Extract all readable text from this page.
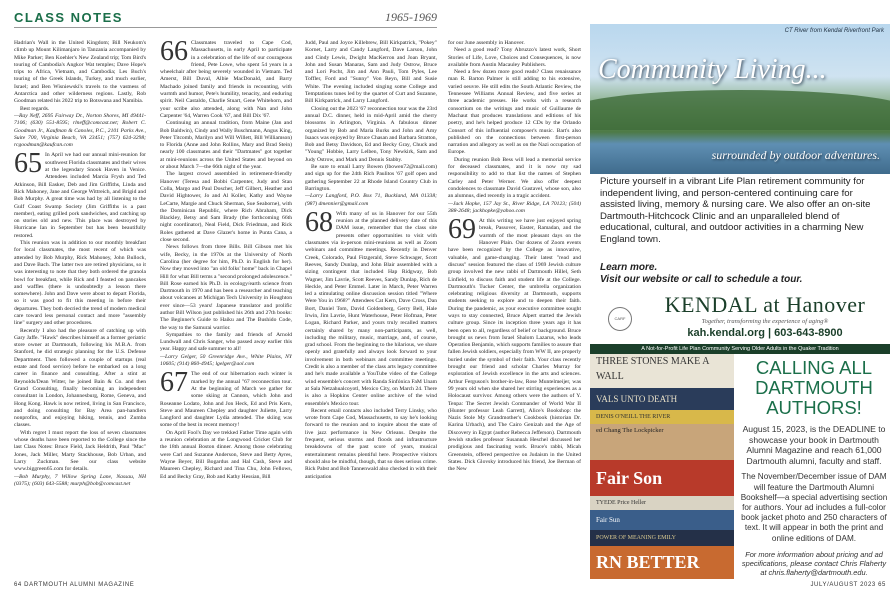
CLASS NOTES	1965-1969

Hadrian's Wall in the United Kingdom; Bill Neukom's climb up Mount Kilimanjaro in Tanzania accompanied by Mike Parker; Ben Koehler's New Zealand trip; Tom Bird's touring of Cambodia's Angkor Wat temples; Dave Hope's trips to Africa, Vietnam, and Cambodia; Les Buch's touring of the Greek Islands, Turkey, and much earlier, Israel; and Ben Wisniewski's travels to the vastness of Antarctica and other wilderness regions. Lastly, Rob Goodman related his 2022 trip to Botswana and Namibia.

Best regards.

—Ray Neff, 2695 Fairway Dr., Norton Shores, MI 49441-7106; (630) 551-8595; rlneff@comcast.net; Robert C. Goodman Jr., Kaufman & Canoles, P.C., 2101 Parks Ave., Suite 700, Virginia Beach, VA 23451; (757) 624-3298; rcgoodman@kaufcan.com

65 In April we had our annual mini-reunion for southwest Florida classmates and their wives at the legendary Snook Haven in Venice. Attendees included Marcia Frysh and Ted Atkinson, Bill Easker, Deb and Jim Griffiths, Linda and Rick Mahoney, Jane and George Wittreich, and Brigid and Bob Murphy. A great time was had by all listening to the Gulf Coast Swamp Society (Jim Griffiths is a past member), eating grilled pork sandwiches, and catching up on stories old and new. This place was destroyed by Hurricane Ian in September but has been beautifully restored.

This reunion was in addition to our monthly breakfast for local classmates, the most recent of which was attended by Bob Murphy, Rick Mahoney, John Bullock, and Dave Bach. The latter two are retired physicians, so it was interesting to note that they both ordered the granola bowl for breakfast, while Rick and I feasted on pancakes and waffles (there is undoubtedly a lesson there somewhere). John and Dave were about to depart Florida, so it was good to fit this meeting in before their departures. They both decried the trend of modern medical care toward less personal contact and more "assembly line" surgery and other procedures.

Recently I also had the pleasure of catching up with Gary Jaffe. "Hawk" describes himself as a former geriatric store owner at Dartmouth, following his M.B.A. from Stanford, he did strategic planning for the U.S. Defense Department. Then followed a couple of startups (real estate and food service) before he embarked on a long career in finance and consulting. After a stint at Reynolds/Dean Witter, he joined Bain & Co. and then Grand Consulting, finally becoming an independent consultant in London, Johannesburg, Rome, Geneva, and Hong Kong. Hawk is now retired, living in San Francisco, and doing consulting for Bay Area pan-handlers nonprofits, and enjoying hiking, tennis, and Zumba classes.

With regret I must report the loss of seven classmates whose deaths have been reported to the College since the last Class Notes: Bruce Field, Jack Heldrith, Paul "Mac" Jones, Jack Miller, Marty Stackhouse, Bob Urban, and Larry Zuckman. See our class website www.biggreen65.com for details.

—Bob Murphy, 7 Willow Spring Lane, Nassau, NH (0375); (603) 643-5588; murph@bob@comcast.net

66 Classmates traveled to Cape Cod, Massachusetts, in early April to participate in a celebration of the life of our courageous friend, Pete Lowe, who spent 54 years in a wheelchair after being severely wounded in Vietnam. Ted Amerst, Bill Duval, Albie MacDonald, and Barry Machado joined family and friends in recounting, with warmth and humor, Pete's humility, tenacity, and enduring spirit. Neil Castaldo, Charlie Stuart, Gene Whitehorn, and your scribe also attended, along with Nan and John Carpenter '64, Warren Cook '67, and Bill Dix '67.

Continuing an annual tradition, from Maine (Jan and Bob Baldwin), Cindy and Wally Buschmann, Angus King, Peter Titcomb, Marilyn and Will Willett, Bill Williamson) to Florida (Anne and John Rollins, Mary and Brad Stein) nearly 100 classmates and their "Dartmates" got together at mini-reunions across the United States and beyond on or about March 7—the 66th night of the year.

The largest crowd assembled in retirement-friendly Hanover (Teresa and Bobbi Carpenter, Judy and Stan Colla, Margo and Paul Doscher, Jeff Gilbert, Heather and David Hightower, Jo and Al Koller, Kathy and Wayne LeCarte, Margie and Chuck Sherman, Sue Seaborne), with the Dominican Republic, where Rich Abraham, Dick Blackley, Betsy and Sam Brady (the forthcoming 66th night coordinator), Neal Field, Dick Friedman, and Rick Roles gathered at Dave Glazer's home in Punta Cana, a close second.

News follows from three Bills. Bill Gibson met his wife, Becky, in the 1970s at the University of North Carolina (her degree for him, Ph.D. in English for her). Now they moved into "an old folks' home" back in Chapel Hill for what Bill terms a "second prolonged adolescence." Bill Rose earned his Ph.D. in ecology/earth science from Dartmouth in 1970 and has been a researcher and teaching about volcanoes at Michigan Tech University in Houghton ever since—53 years! Japanese translator and prolific author Bill Wilson just published his 26th and 27th books: The Beginner's Guide to Haiku and The Bushido Code, the way to the Samurai warrior.

Sympathies to the family and friends of Arnold Lundwall and Chris Sanger, who passed away earlier this year. Happy and safe summer to all!

—Larry Gelger, 50 Greenridge Ave., White Plains, NY 10605; (914) 860-4945; lgelger@aol.com

67 The end of our hibernation each winter is marked by the annual "67 reconnection tour. At the beginning of March we gather for some skiing at Cannon, which John and Roseanne Lodato, John and Jon Heck, Ed and Pris Kern, Steve and Maureen Chepley and daughter Juliette, Larry Langford and daughter Lydia attended. The skiing was some of the best in recent memory!

On April Fool's Day we trekked Father Time again with a reunion celebration at the Longwood Cricket Club for the 18th annual Boston dinner. Among those celebrating were Carl and Suzanne Anderson, Steve and Betty Ayres, Wayne Beyer, Bill Bogardus and Hal Cash, Steve and Maureen Chepley, Richard and Tina Chu, John Fellows, Ed and Becky Gray, Bob and Kathy Hessian, Bill

Judd, Paul and Joyce Killebrew, Bill Kirkpatrick, "Pokey" Kornet, Larry and Candy Langford, Dave Larson, John and Cindy Lewis, Dwight MacKerron and Joan Bryant, John and Susan Manaras, Sam and Judy Ostrow, Bruce and Lori Pocht, Jim and Ann Pauli, Tom Pyles, Lee Toffler, Ford and "Sunny" Von Reyn, Bill and Susie White. The evening included singing some College and Temptations tunes led by the quartet of Curt and Suzanne, Bill Kirkpatrick, and Larry Langford.

Closing out the 2023 '67 reconnection tour was the 23rd annual D.C. dinner, held in mid-April amid the cherry blossoms in Arlington, Virginia. A fabulous dinner organized by Bob and Maria Burks and John and Amy Isaacs was enjoyed by Bruce Chasan and Barbara Stratton, Bob and Betsy Davidson, Ed and Becky Gray, Chuck and "Young" Hobbie, Larry Lelben, Tony Newkirk, Sam and Judy Ostrow, and Mark and Dennis Stabby.

Be sure to email Larry Bowen (lbowen72@mail.com) and sign up for the 24th Rich Paulitos '67 golf open and gathering September 22 at Rhode Island Country Club in Barrington.

—Larry Langford, P.O. Box 71, Buckland, MA 01338; (987) dmennier@gmail.com

68 With many of us in Hanover for our 55th reunion at the planned delivery date of this DAM issue, remember that the class site presents other opportunities to visit with classmates via in-person mini-reunions as well as Zoom webinars and committee meetings. Recently in Denver Creek, Colorado, Paul Fitzgerald, Steve Schwager, Scott Reeves, Sandy Dunlap, and John Blair assembled with a sizing contingent that included Hap Ridgway, Bob Wagner, Jim Lavrie, Scott Reeves, Sandy Dunlap, Rich de Heckle, and Peter Emmel. Later in March, Peter Warren led a stimulating online discussion session titled "Where Were You in 1968?" Attendees Cat Kern, Dave Cross, Dan Bort, Daniel Tom, David Goldenberg, Gerry Bell, Hale Irwin, Jim Lavrie, Hunt Waterhouse, Peter Hofman, Peter Logan, Richard Parker, and yours truly recalled matters certainly shared by many non-participants, as well, including the military, music, marriage, and, of course, grad school. From the beginning to the hilarious, we share openly and gratefully and always look forward to your involvement in both webinars and committee meetings. Credit is also a member of the class arts legacy committee and he's made available a YouTube video of the College wind ensemble's concert with Randa Sinfónica FaM Unam at Sala Netzahualcoyotl, Mexico City, on March 24. There is also a Hopkins Center online archive of the wind ensemble's Mexico tour.

Recent email contacts also included Terry Linsky, who wrote from Cape Cod, Massachusetts, to say he's looking forward to the reunion and to inquire about the state of live jazz performance in New Orleans. Despite the frequent, serious storms and floods and infrastructure breakdowns of the past score of years, musical entertainment remains plentiful here. Prospective visitors should also be mindful, though, that so does serious crime. Rick Pabst and Bob Tannenwald also checked in with their anticipation

for our June assembly in Hanover.

Need a good read? Tony Abruzzo's latest work, Short Stories of Life, Love, Choices and Consequences, is now available from Austin Macauley Publishers.

Need a few dozen more good reads? Class renaissance man R. Barton Palmer is still adding to his extensive, varied oeuvre. He still edits the South Atlantic Review, the Tennessee Williams Annual Review, and five series at three academic presses. He works with a research consortium on the writings and music of Guillaume de Machaut that produces translations and editions of his poetry, and he's helped produce 12 CDs by the Orlando Consort of this influential composer's music. Bart's also published on the connections between first-person narration and allegory as well as on the Nazi occupation of Europe.

During reunion Bob Bess will lead a memorial service for deceased classmates, and it is now my sad responsibility to add to that list the names of Stephen Carley and Peter Werner. We also offer deepest condolences to classmate David Gustavel, whose son, also an alumnus, died recently in a tragic accident.

—Jack Hopke, 157 Jay St., River Ridge, LA 70123; (504) 388-2648; jackhopke@yahoo.com

69 At this writing we have just enjoyed spring break, Passover, Easter, Ramadan, and the warmth of the most pleasant days on the Hanover Plain. Our dozens of Zoom events have been recognized by the College as innovative, valuable, and game-changing. Their latest "read and discuss" session featured the class of 1969 Jewish culture group involved the new rabbi of Dartmouth Hillel, Seth Linfield, to discuss faith and student life at the College. Dartmouth's Tucker Center, the umbrella organization celebrating religious diversity at Dartmouth, supports students seeking to explore and to deepen their faith. During the pandemic, as your executive committee sought ways to stay connected, Bruce Alpert started the Jewish culture group. Since its inception three years ago it has been open to all, regardless of belief or background. Bruce brought us news from Israel Shalom Lazarus, who leads Operation Benjamin, which supports families to assure that fallen Jewish soldiers, especially from WW II, are properly buried under the symbol of their faith. Your class recently brought our friend and scholar Charles Murray for exploration of Jewish excellence in the arts and sciences. Arthur Ferguson's brother-in-law, Rose Muntelmeijer, was 99 years old when she shared her stirring experiences as a Holocaust survivor. Among others were the authors of Y. Tenpa: The Secret Jewish Commander of World War II (Hunter professor Leah Garrett), Alice's Bookshop: the Nazis Stole My Grandmother's Cookbook (historian Dr. Karina Urbach), and The Cairo Genizah and the Age of Discovery in Egypt (author Rebecca Jefferson). Dartmouth Jewish studies professor Susannah Heschel discussed her prodigious and fascinating work. Bruce's rabbi, Micah Greenstein, offered perspective on Judaism in the United States. Dick Glovsky introduced his friend, Joe Berman of the New

CT River from Kendal Riverfront Park
Community Living...
surrounded by outdoor adventures.
Picture yourself in a vibrant Life Plan retirement community for independent living, and person-centered continuing care for assisted living, memory & nursing care. We also offer an on-site Dartmouth-Hitchcock Clinic and an unparalleled blend of educational, cultural, and outdoor activities in a charming New England town.
Learn more.
Visit our website or call to schedule a tour.
CARF
KENDAL at Hanover
Together, transforming the experience of aging®
kah.kendal.org | 603-643-8900
A Not-for-Profit Life Plan Community Serving Older Adults in the Quaker Tradition
THREE STONES MAKE A WALL
VALS UNTO DEATH
DENIS O'NEILL THE RIVER
ed Chang The Lockpicker
Fair Son
TYEDE Price Heller
Fair Sun
POWER OF MEANING EMILY
RN BETTER
CALLING ALL DARTMOUTH AUTHORS!
August 15, 2023, is the DEADLINE to showcase your book in Dartmouth Alumni Magazine and reach 61,000 Dartmouth alumni, faculty and staff.
The November/December issue of DAM will feature the Dartmouth Alumni Bookshelf—a special advertising section for authors. Your ad includes a full-color book jacket photo and 250 characters of text. It will appear in both the print and online editions of DAM.
For more information about pricing and ad specifications, please contact Chris Flaherty at chris.flaherty@dartmouth.edu.
64 DARTMOUTH ALUMNI MAGAZINE	JULY/AUGUST 2023 65
